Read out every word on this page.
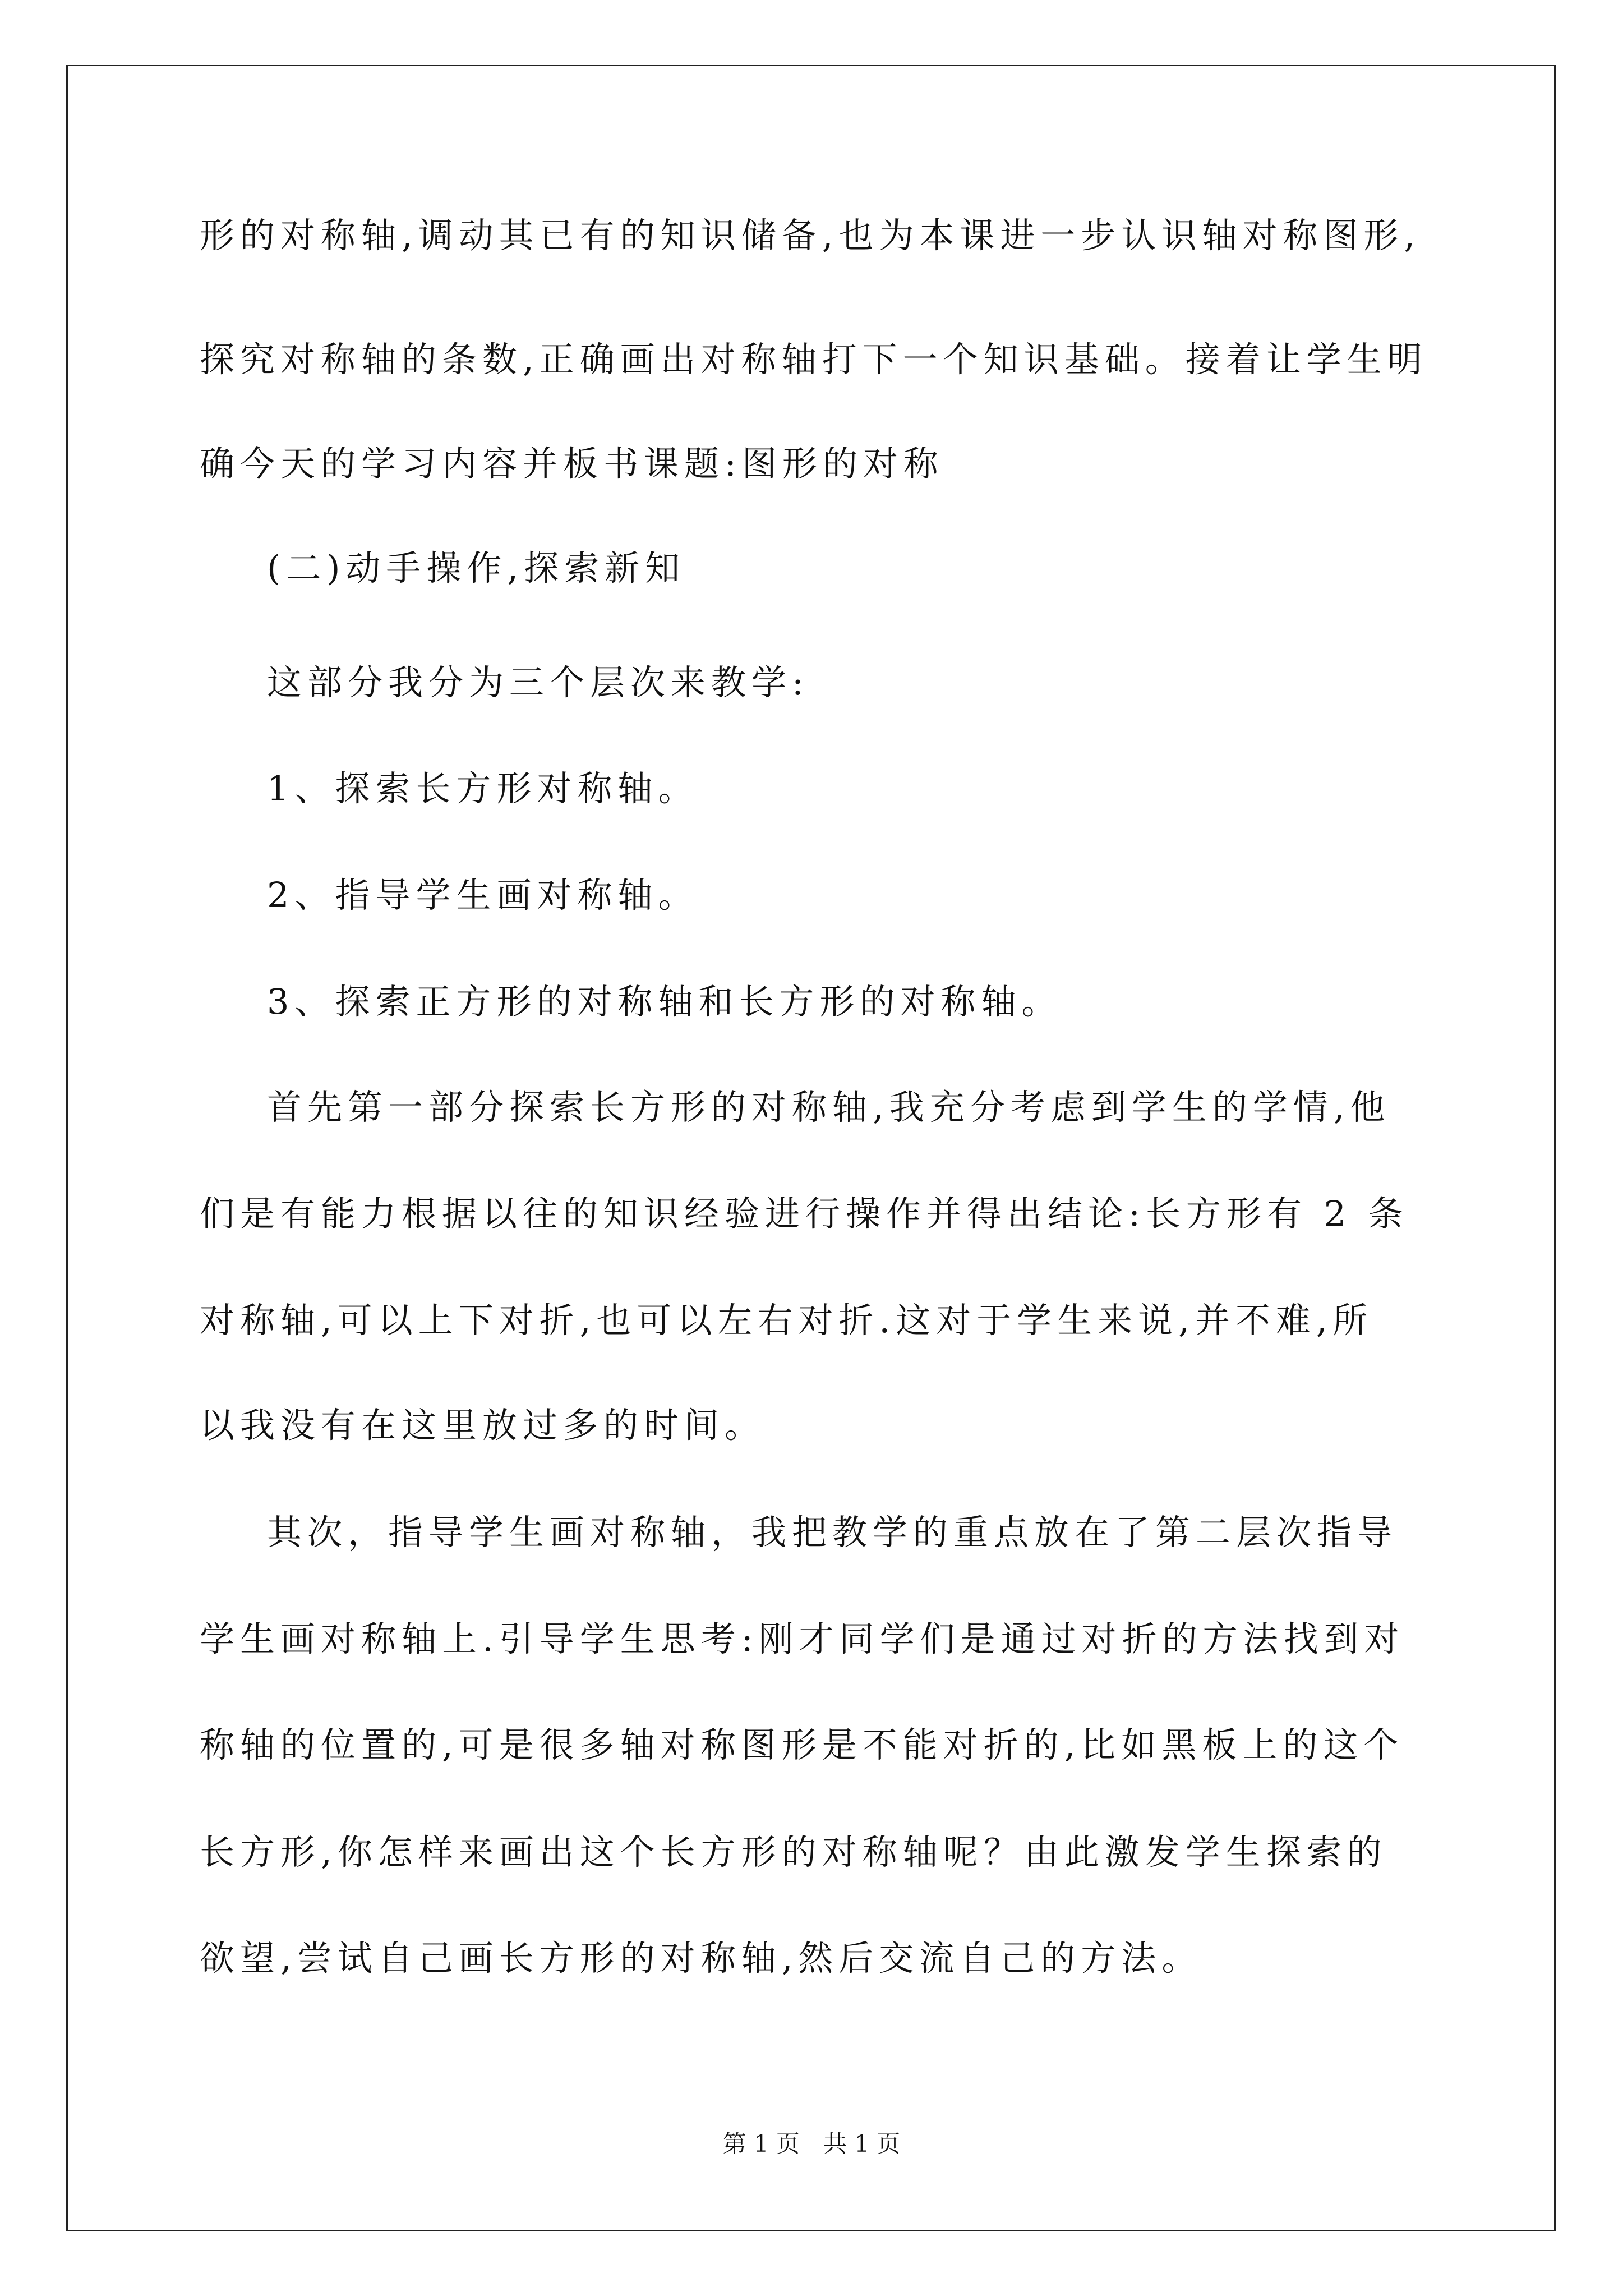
形的对称轴,调动其已有的知识储备,也为本课进一步认识轴对称图形,
探究对称轴的条数,正确画出对称轴打下一个知识基础。接着让学生明
确今天的学习内容并板书课题:图形的对称
(二)动手操作,探索新知
这部分我分为三个层次来教学:
1、探索长方形对称轴。
2、指导学生画对称轴。
3、探索正方形的对称轴和长方形的对称轴。
首先第一部分探索长方形的对称轴,我充分考虑到学生的学情,他
们是有能力根据以往的知识经验进行操作并得出结论:长方形有 2 条
对称轴,可以上下对折,也可以左右对折.这对于学生来说,并不难,所
以我没有在这里放过多的时间。
其次，指导学生画对称轴，我把教学的重点放在了第二层次指导
学生画对称轴上.引导学生思考:刚才同学们是通过对折的方法找到对
称轴的位置的,可是很多轴对称图形是不能对折的,比如黑板上的这个
长方形,你怎样来画出这个长方形的对称轴呢？由此激发学生探索的
欲望,尝试自己画长方形的对称轴,然后交流自己的方法。
第 1 页　共 1 页
